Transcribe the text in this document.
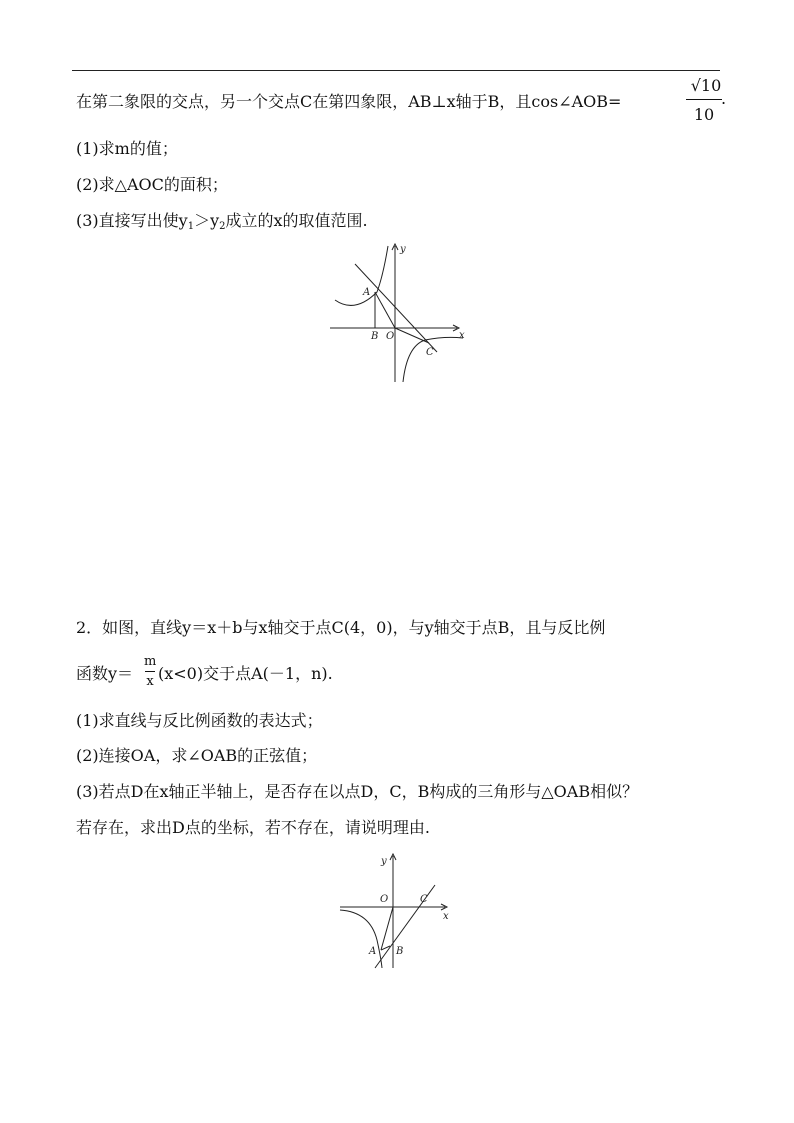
在第二象限的交点，另一个交点C在第四象限，AB⊥x轴于B，且cos∠AOB=
√10
10
.
(1)求m的值；
(2)求△AOC的面积；
(3)直接写出使$y_1>y_2$成立的x的取值范围.
y
x
A
B O
C
2．如图，直线y＝x＋b与x轴交于点C(4，0)，与y轴交于点B，且与反比例
函数y＝
m
x (x<0)交于点A(－1，n).
(1)求直线与反比例函数的表达式；
(2)连接OA，求∠OAB的正弦值；
(3)若点D在x轴正半轴上，是否存在以点D，C，B构成的三角形与△OAB相似？
若存在，求出D点的坐标，若不存在，请说明理由.
y
x
O	C
A B
